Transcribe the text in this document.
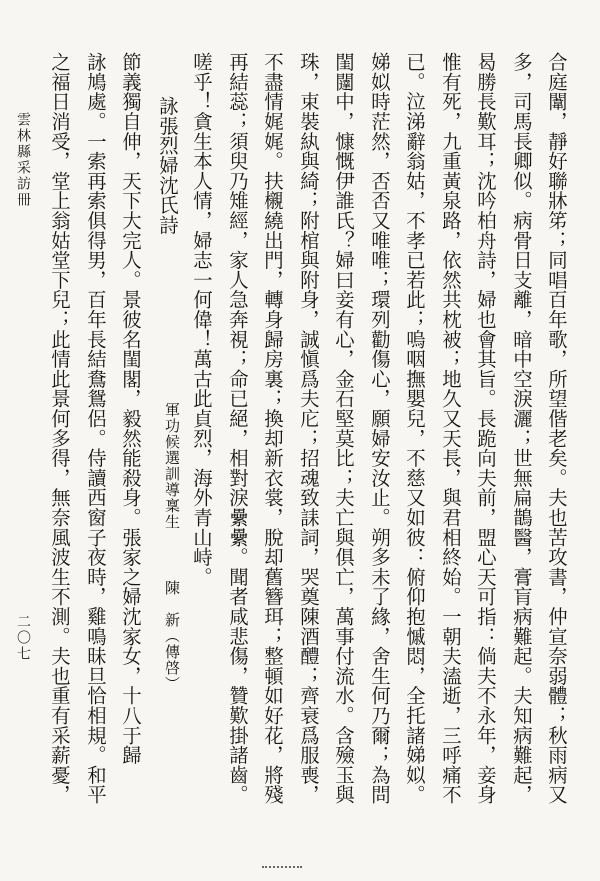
合庭闈，靜好聯牀笫；同唱百年歌，所望偕老矣。夫也苦攻書，仲宣奈弱體；秋雨病又
多，司馬長卿似。病骨日支離，暗中空淚灑；世無扁鵲醫，膏肓病難起。夫知病難起，
曷勝長歎耳；沈吟柏舟詩，婦也會其旨。長跪向夫前，盟心天可指：倘夫不永年，妾身
惟有死，九重黃泉路，依然共枕被；地久又天長，與君相終始。一朝夫溘逝，三呼痛不
已。泣涕辭翁姑，不孝已若此；嗚咽撫嬰兒，不慈又如彼：俯仰抱慽悶，全托諸娣姒。
娣姒時茫然，否否又唯唯；環列勸傷心，願婦安汝止。朔多未了緣，舍生何乃爾；為問
閨闥中，慷慨伊誰氏？婦曰妾有心，金石堅莫比；夫亡與俱亡，萬事付流水。含殮玉與
珠，束裝紈與綺；附棺與附身，誠愼爲夫庀；招魂致誄詞，哭奠陳酒醴；齊衰爲服喪，
不盡情娓娓。扶櫬繞出門，轉身歸房裏；換却新衣裳，脫却舊簪珥；整頓如好花，將殘
再結蕊；須臾乃雉經，家人急奔視；命已絕，相對淚纍纍。聞者咸悲傷，贊歎掛諸齒。
嗟乎！貪生本人情，婦志一何偉！萬古此貞烈，海外青山峙。
詠張烈婦沈氏詩
軍功候選訓導稟生
陳　新（傳啓）
節義獨自伸，天下大完人。景彼名閨閣，毅然能殺身。張家之婦沈家女，十八于歸
詠鳩處。一索再索俱得男，百年長結鴦鴛侶。侍讀西窗子夜時，雞鳴昧旦恰相規。和平
之福日消受，堂上翁姑堂下兒；此情此景何多得，無奈風波生不測。夫也重有采薪憂，
雲林縣采訪冊
二〇七
